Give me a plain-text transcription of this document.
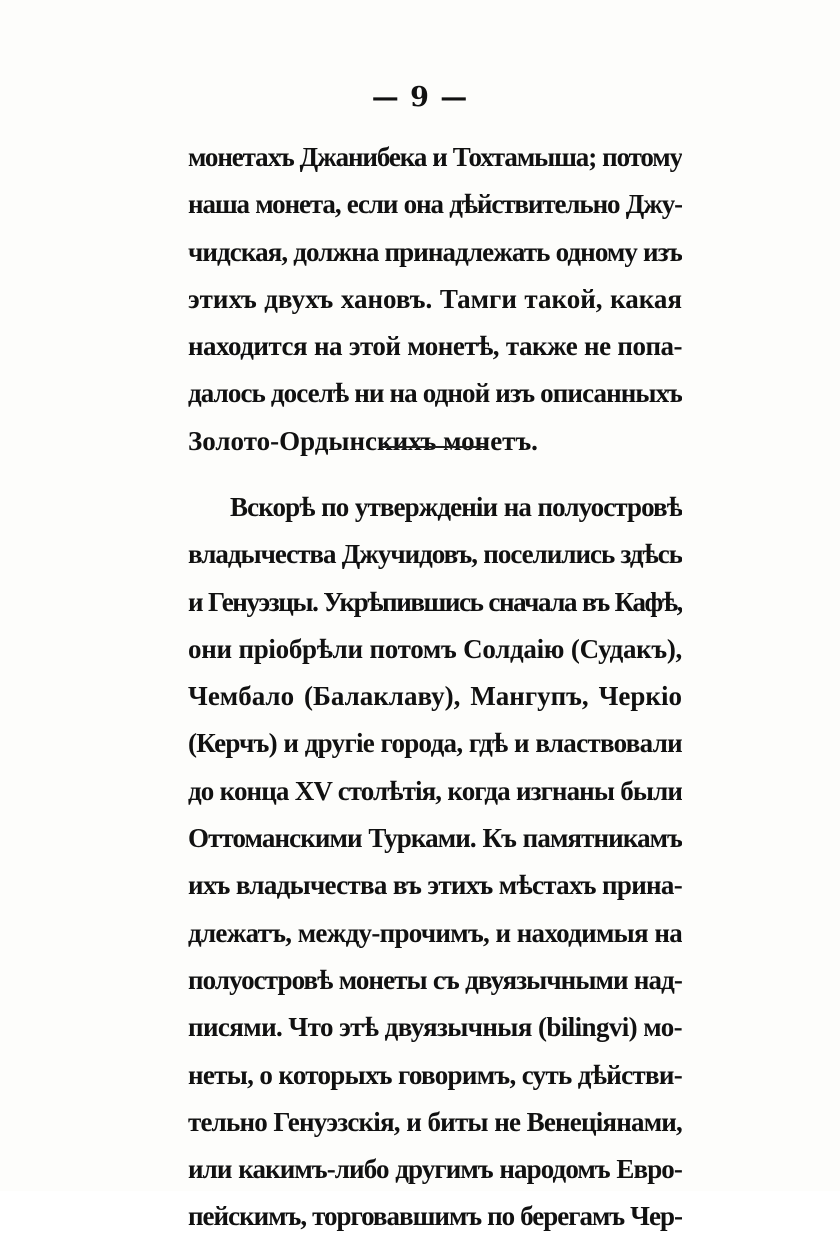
— 9 —
монетахъ Джанибека и Тохтамыша; потому
наша монета, если она дѣйствительно Джу-
чидская, должна принадлежать одному изъ
этихъ двухъ хановъ. Тамги такой, какая
находится на этой монетѣ, также не попа-
далось доселѣ ни на одной изъ описанныхъ
Золото-Ордынскихъ монетъ.
Вскорѣ по утвержденіи на полуостровѣ
владычества Джучидовъ, поселились здѣсь
и Генуэзцы. Укрѣпившись сначала въ Кафѣ,
они пріобрѣли потомъ Солдаію (Судакъ),
Чембало (Балаклаву), Мангупъ, Черкіо
(Керчъ) и другіе города, гдѣ и властвовали
до конца XV столѣтія, когда изгнаны были
Оттоманскими Турками. Къ памятникамъ
ихъ владычества въ этихъ мѣстахъ прина-
длежатъ, между-прочимъ, и находимыя на
полуостровѣ монеты съ двуязычными над-
писями. Что этѣ двуязычныя (bilingvi) мо-
неты, о которыхъ говоримъ, суть дѣйстви-
тельно Генуэзскія, и биты не Венеціянами,
или какимъ-либо другимъ народомъ Евро-
пейскимъ, торговавшимъ по берегамъ Чер-
